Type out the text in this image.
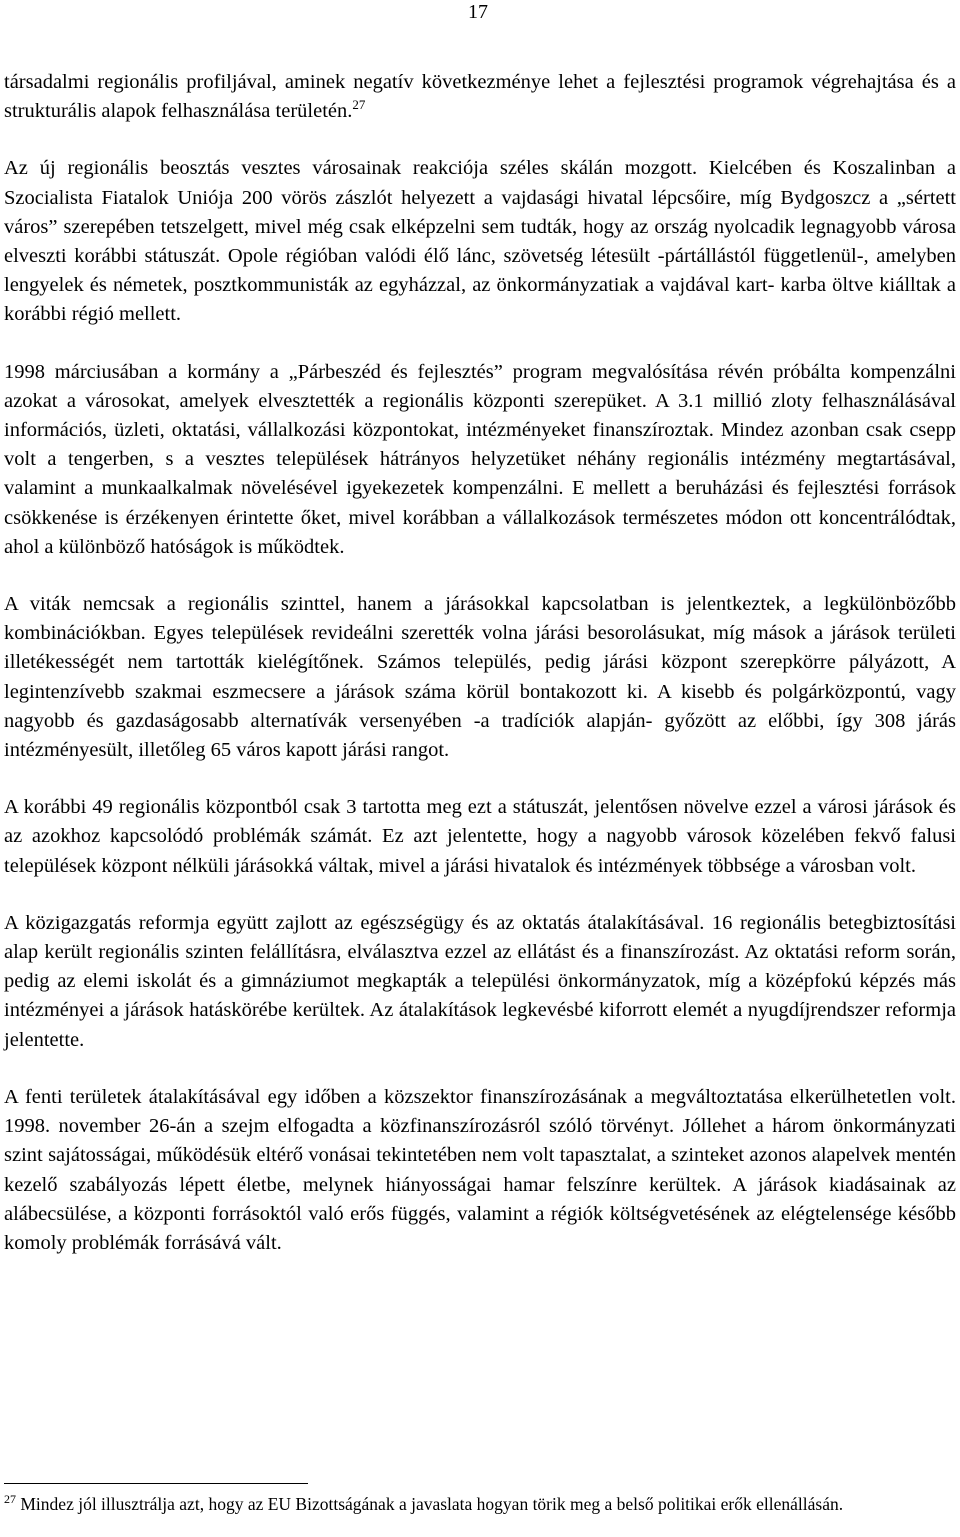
17

társadalmi regionális profiljával, aminek negatív következménye lehet a fejlesztési programok végrehajtása és a strukturális alapok felhasználása területén.$^{27}$

Az új regionális beosztás vesztes városainak reakciója széles skálán mozgott. Kielcében és Koszalinban a Szocialista Fiatalok Uniója 200 vörös zászlót helyezett a vajdasági hivatal lépcsőire, míg Bydgoszcz a „sértett város” szerepében tetszelgett, mivel még csak elképzelni sem tudták, hogy az ország nyolcadik legnagyobb városa elveszti korábbi státuszát. Opole régióban valódi élő lánc, szövetség létesült -pártállástól függetlenül-, amelyben lengyelek és németek, posztkommunisták az egyházzal, az önkormányzatiak a vajdával kart- karba öltve kiálltak a korábbi régió mellett.

1998 márciusában a kormány a „Párbeszéd és fejlesztés” program megvalósítása révén próbálta kompenzálni azokat a városokat, amelyek elvesztették a regionális központi szerepüket. A 3.1 millió zloty felhasználásával információs, üzleti, oktatási, vállalkozási központokat, intézményeket finanszíroztak. Mindez azonban csak csepp volt a tengerben, s a vesztes települések hátrányos helyzetüket néhány regionális intézmény megtartásával, valamint a munkaalkalmak növelésével igyekezetek kompenzálni. E mellett a beruházási és fejlesztési források csökkenése is érzékenyen érintette őket, mivel korábban a vállalkozások természetes módon ott koncentrálódtak, ahol a különböző hatóságok is működtek.

A viták nemcsak a regionális szinttel, hanem a járásokkal kapcsolatban is jelentkeztek, a legkülönbözőbb kombinációkban. Egyes települések revideálni szerették volna járási besorolásukat, míg mások a járások területi illetékességét nem tartották kielégítőnek. Számos település, pedig járási központ szerepkörre pályázott, A legintenzívebb szakmai eszmecsere a járások száma körül bontakozott ki. A kisebb és polgárközpontú, vagy nagyobb és gazdaságosabb alternatívák versenyében -a tradíciók alapján- győzött az előbbi, így 308 járás intézményesült, illetőleg 65 város kapott járási rangot.

A korábbi 49 regionális központból csak 3 tartotta meg ezt a státuszát, jelentősen növelve ezzel a városi járások és az azokhoz kapcsolódó problémák számát. Ez azt jelentette, hogy a nagyobb városok közelében fekvő falusi települések központ nélküli járásokká váltak, mivel a járási hivatalok és intézmények többsége a városban volt.

A közigazgatás reformja együtt zajlott az egészségügy és az oktatás átalakításával. 16 regionális betegbiztosítási alap került regionális szinten felállításra, elválasztva ezzel az ellátást és a finanszírozást. Az oktatási reform során, pedig az elemi iskolát és a gimnáziumot megkapták a települési önkormányzatok, míg a középfokú képzés más intézményei a járások hatáskörébe kerültek. Az átalakítások legkevésbé kiforrott elemét a nyugdíjrendszer reformja jelentette.

A fenti területek átalakításával egy időben a közszektor finanszírozásának a megváltoztatása elkerülhetetlen volt. 1998. november 26-án a szejm elfogadta a közfinanszírozásról szóló törvényt. Jóllehet a három önkormányzati szint sajátosságai, működésük eltérő vonásai tekintetében nem volt tapasztalat, a szinteket azonos alapelvek mentén kezelő szabályozás lépett életbe, melynek hiányosságai hamar felszínre kerültek. A járások kiadásainak az alábecsülése, a központi forrásoktól való erős függés, valamint a régiók költségvetésének az elégtelensége később komoly problémák forrásává vált.

$^{27}$ Mindez jól illusztrálja azt, hogy az EU Bizottságának a javaslata hogyan törik meg a belső politikai erők ellenállásán.
